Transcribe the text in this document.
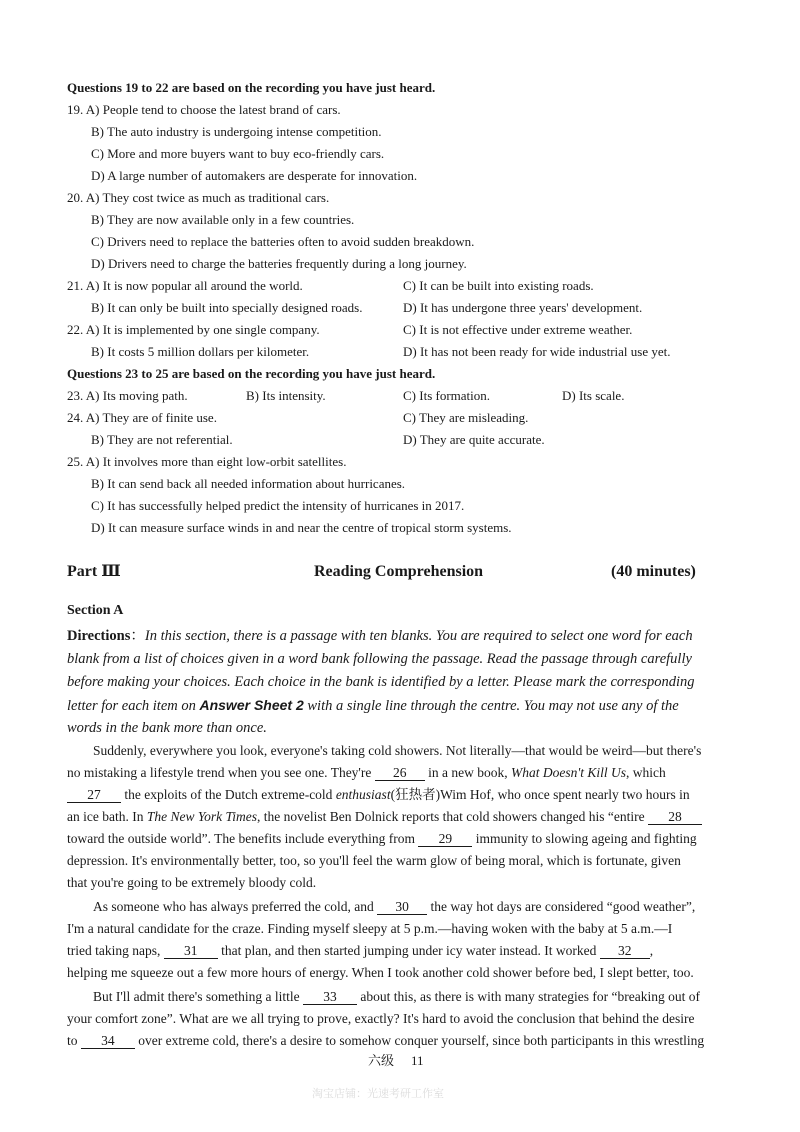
Questions 19 to 22 are based on the recording you have just heard.
19. A) People tend to choose the latest brand of cars.
B) The auto industry is undergoing intense competition.
C) More and more buyers want to buy eco-friendly cars.
D) A large number of automakers are desperate for innovation.
20. A) They cost twice as much as traditional cars.
B) They are now available only in a few countries.
C) Drivers need to replace the batteries often to avoid sudden breakdown.
D) Drivers need to charge the batteries frequently during a long journey.
21. A) It is now popular all around the world.	C) It can be built into existing roads.
B) It can only be built into specially designed roads.	D) It has undergone three years' development.
22. A) It is implemented by one single company.	C) It is not effective under extreme weather.
B) It costs 5 million dollars per kilometer.	D) It has not been ready for wide industrial use yet.
Questions 23 to 25 are based on the recording you have just heard.
23. A) Its moving path.	B) Its intensity.	C) Its formation.	D) Its scale.
24. A) They are of finite use.	C) They are misleading.
B) They are not referential.	D) They are quite accurate.
25. A) It involves more than eight low-orbit satellites.
B) It can send back all needed information about hurricanes.
C) It has successfully helped predict the intensity of hurricanes in 2017.
D) It can measure surface winds in and near the centre of tropical storm systems.
Part Ⅲ	Reading Comprehension	(40 minutes)
Section A
Directions：In this section, there is a passage with ten blanks. You are required to select one word for each
blank from a list of choices given in a word bank following the passage. Read the passage through carefully
before making your choices. Each choice in the bank is identified by a letter. Please mark the corresponding
letter for each item on Answer Sheet 2 with a single line through the centre. You may not use any of the
words in the bank more than once.
Suddenly, everywhere you look, everyone's taking cold showers. Not literally—that would be weird—but there's
no mistaking a lifestyle trend when you see one. They're 26 in a new book, What Doesn't Kill Us, which
27 the exploits of the Dutch extreme-cold enthusiast(狂热者)Wim Hof, who once spent nearly two hours in
an ice bath. In The New York Times, the novelist Ben Dolnick reports that cold showers changed his “entire 28
toward the outside world”. The benefits include everything from 29 immunity to slowing ageing and fighting
depression. It's environmentally better, too, so you'll feel the warm glow of being moral, which is fortunate, given
that you're going to be extremely bloody cold.
As someone who has always preferred the cold, and 30 the way hot days are considered “good weather”,
I'm a natural candidate for the craze. Finding myself sleepy at 5 p.m.—having woken with the baby at 5 a.m.—I
tried taking naps, 31 that plan, and then started jumping under icy water instead. It worked 32 ,
helping me squeeze out a few more hours of energy. When I took another cold shower before bed, I slept better, too.
But I'll admit there's something a little 33 about this, as there is with many strategies for “breaking out of
your comfort zone”. What are we all trying to prove, exactly? It's hard to avoid the conclusion that behind the desire
to 34 over extreme cold, there's a desire to somehow conquer yourself, since both participants in this wrestling
六级 11
淘宝店铺：光速考研工作室
